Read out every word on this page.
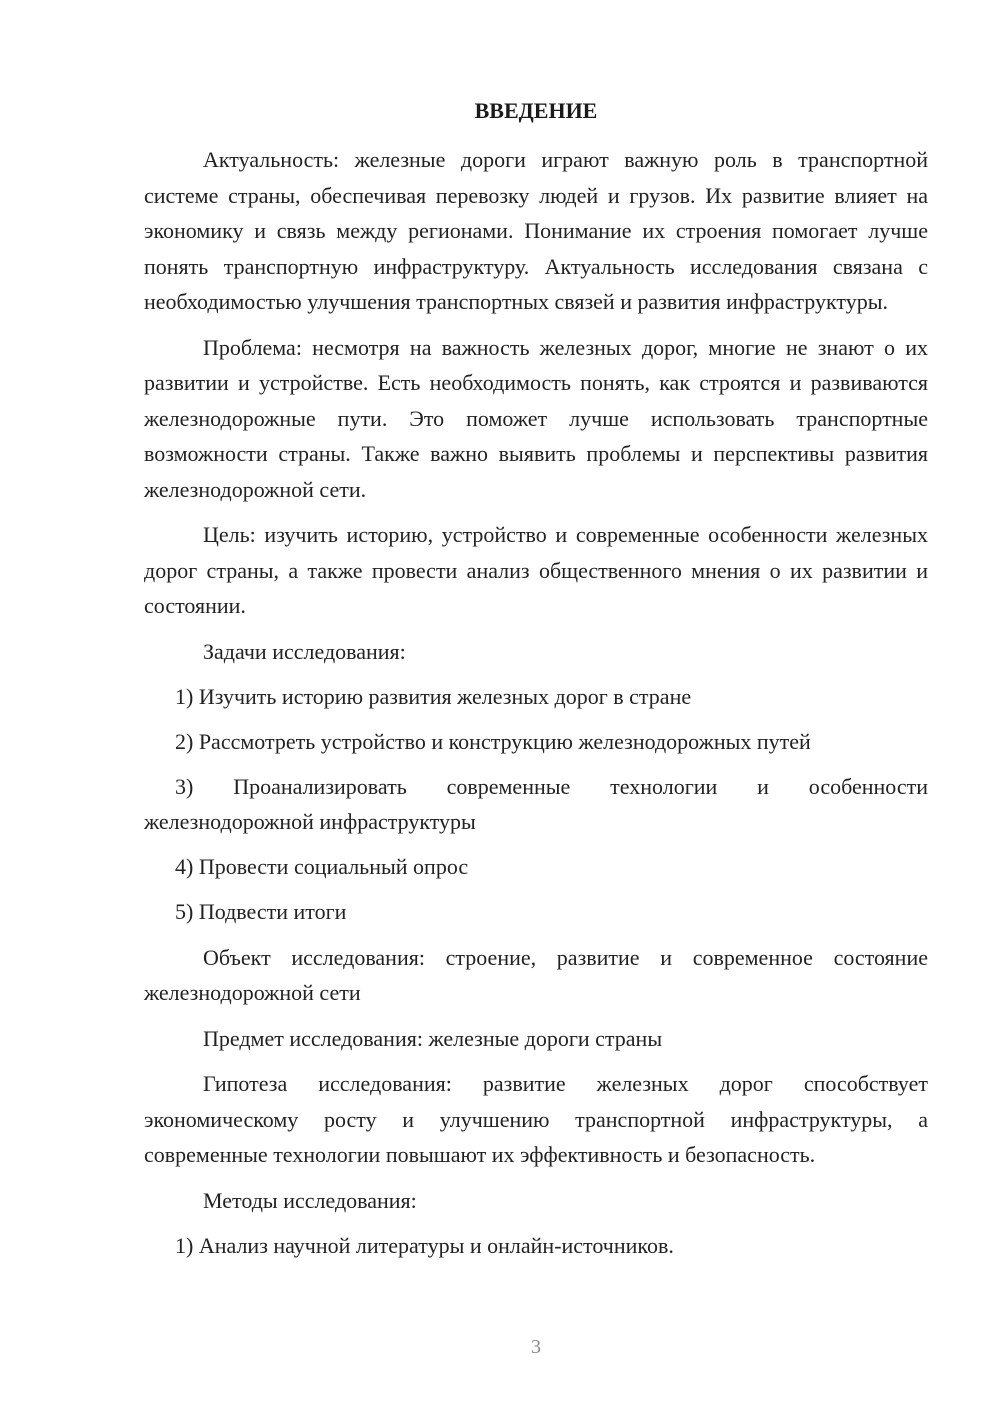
ВВЕДЕНИЕ

Актуальность: железные дороги играют важную роль в транспортной системе страны, обеспечивая перевозку людей и грузов. Их развитие влияет на экономику и связь между регионами. Понимание их строения помогает лучше понять транспортную инфраструктуру. Актуальность исследования связана с необходимостью улучшения транспортных связей и развития инфраструктуры.

Проблема: несмотря на важность железных дорог, многие не знают о их развитии и устройстве. Есть необходимость понять, как строятся и развиваются железнодорожные пути. Это поможет лучше использовать транспортные возможности страны. Также важно выявить проблемы и перспективы развития железнодорожной сети.

Цель: изучить историю, устройство и современные особенности железных дорог страны, а также провести анализ общественного мнения о их развитии и состоянии.

Задачи исследования:

1) Изучить историю развития железных дорог в стране

2) Рассмотреть устройство и конструкцию железнодорожных путей

3) Проанализировать современные технологии и особенности железнодорожной инфраструктуры

4) Провести социальный опрос

5) Подвести итоги

Объект исследования: строение, развитие и современное состояние железнодорожной сети

Предмет исследования: железные дороги страны

Гипотеза исследования: развитие железных дорог способствует экономическому росту и улучшению транспортной инфраструктуры, а современные технологии повышают их эффективность и безопасность.

Методы исследования:

1) Анализ научной литературы и онлайн-источников.

3
